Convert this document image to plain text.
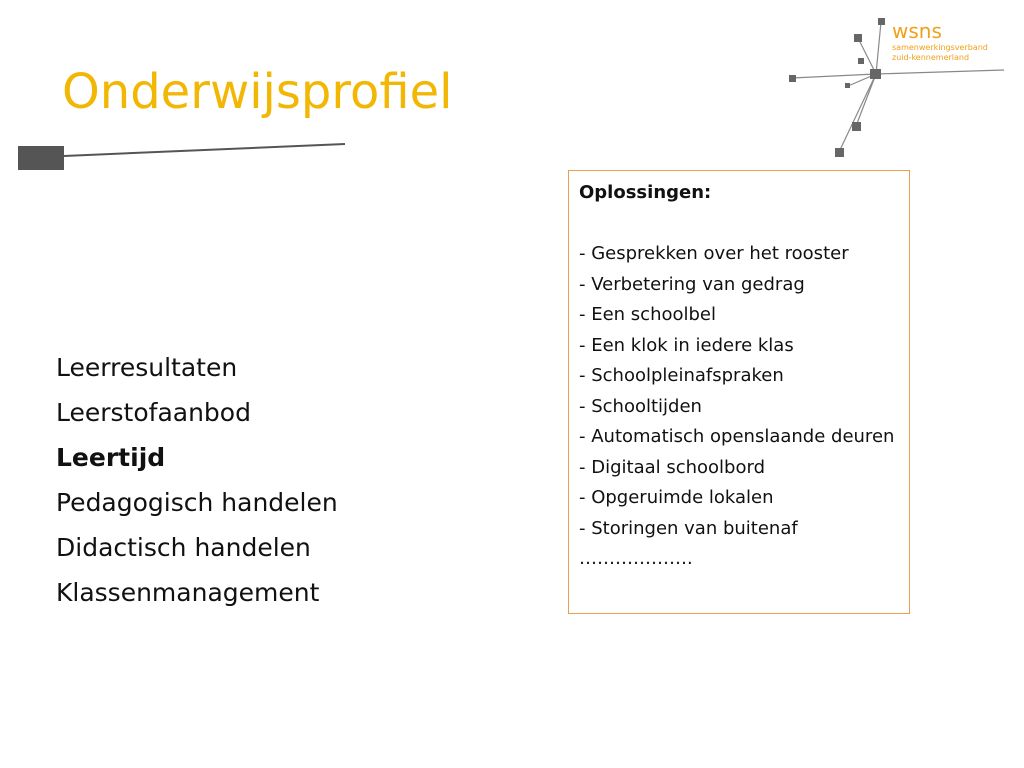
Onderwijsprofiel
wsns
samenwerkingsverband
zuid-kennemerland
Leerresultaten
Leerstofaanbod
Leertijd
Pedagogisch handelen
Didactisch handelen
Klassenmanagement

Oplossingen:

- Gesprekken over het rooster
- Verbetering van gedrag
- Een schoolbel
- Een klok in iedere klas
- Schoolpleinafspraken
- Schooltijden
- Automatisch openslaande deuren
- Digitaal schoolbord
- Opgeruimde lokalen
- Storingen van buitenaf
……………….
